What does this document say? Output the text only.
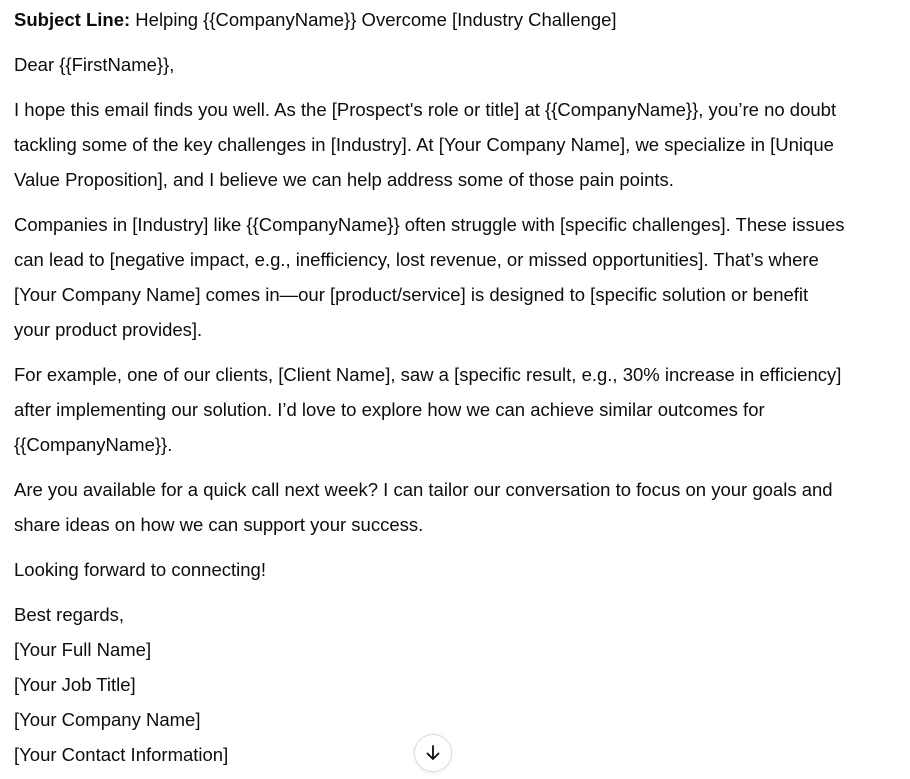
Subject Line: Helping {{CompanyName}} Overcome [Industry Challenge]

Dear {{FirstName}},

I hope this email finds you well. As the [Prospect's role or title] at {{CompanyName}}, you’re no doubt
tackling some of the key challenges in [Industry]. At [Your Company Name], we specialize in [Unique
Value Proposition], and I believe we can help address some of those pain points.

Companies in [Industry] like {{CompanyName}} often struggle with [specific challenges]. These issues
can lead to [negative impact, e.g., inefficiency, lost revenue, or missed opportunities]. That’s where
[Your Company Name] comes in—our [product/service] is designed to [specific solution or benefit
your product provides].

For example, one of our clients, [Client Name], saw a [specific result, e.g., 30% increase in efficiency]
after implementing our solution. I’d love to explore how we can achieve similar outcomes for
{{CompanyName}}.

Are you available for a quick call next week? I can tailor our conversation to focus on your goals and
share ideas on how we can support your success.

Looking forward to connecting!

Best regards,
[Your Full Name]
[Your Job Title]
[Your Company Name]
[Your Contact Information]
